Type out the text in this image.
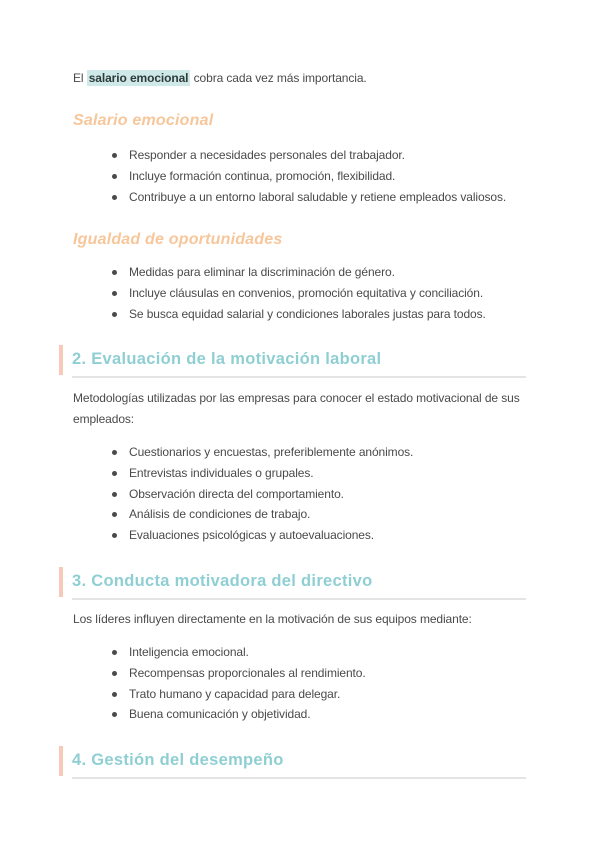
El salario emocional cobra cada vez más importancia.
Salario emocional
Responder a necesidades personales del trabajador.
Incluye formación continua, promoción, flexibilidad.
Contribuye a un entorno laboral saludable y retiene empleados valiosos.
Igualdad de oportunidades
Medidas para eliminar la discriminación de género.
Incluye cláusulas en convenios, promoción equitativa y conciliación.
Se busca equidad salarial y condiciones laborales justas para todos.
2. Evaluación de la motivación laboral
Metodologías utilizadas por las empresas para conocer el estado motivacional de sus empleados:
Cuestionarios y encuestas, preferiblemente anónimos.
Entrevistas individuales o grupales.
Observación directa del comportamiento.
Análisis de condiciones de trabajo.
Evaluaciones psicológicas y autoevaluaciones.
3. Conducta motivadora del directivo
Los líderes influyen directamente en la motivación de sus equipos mediante:
Inteligencia emocional.
Recompensas proporcionales al rendimiento.
Trato humano y capacidad para delegar.
Buena comunicación y objetividad.
4. Gestión del desempeño
